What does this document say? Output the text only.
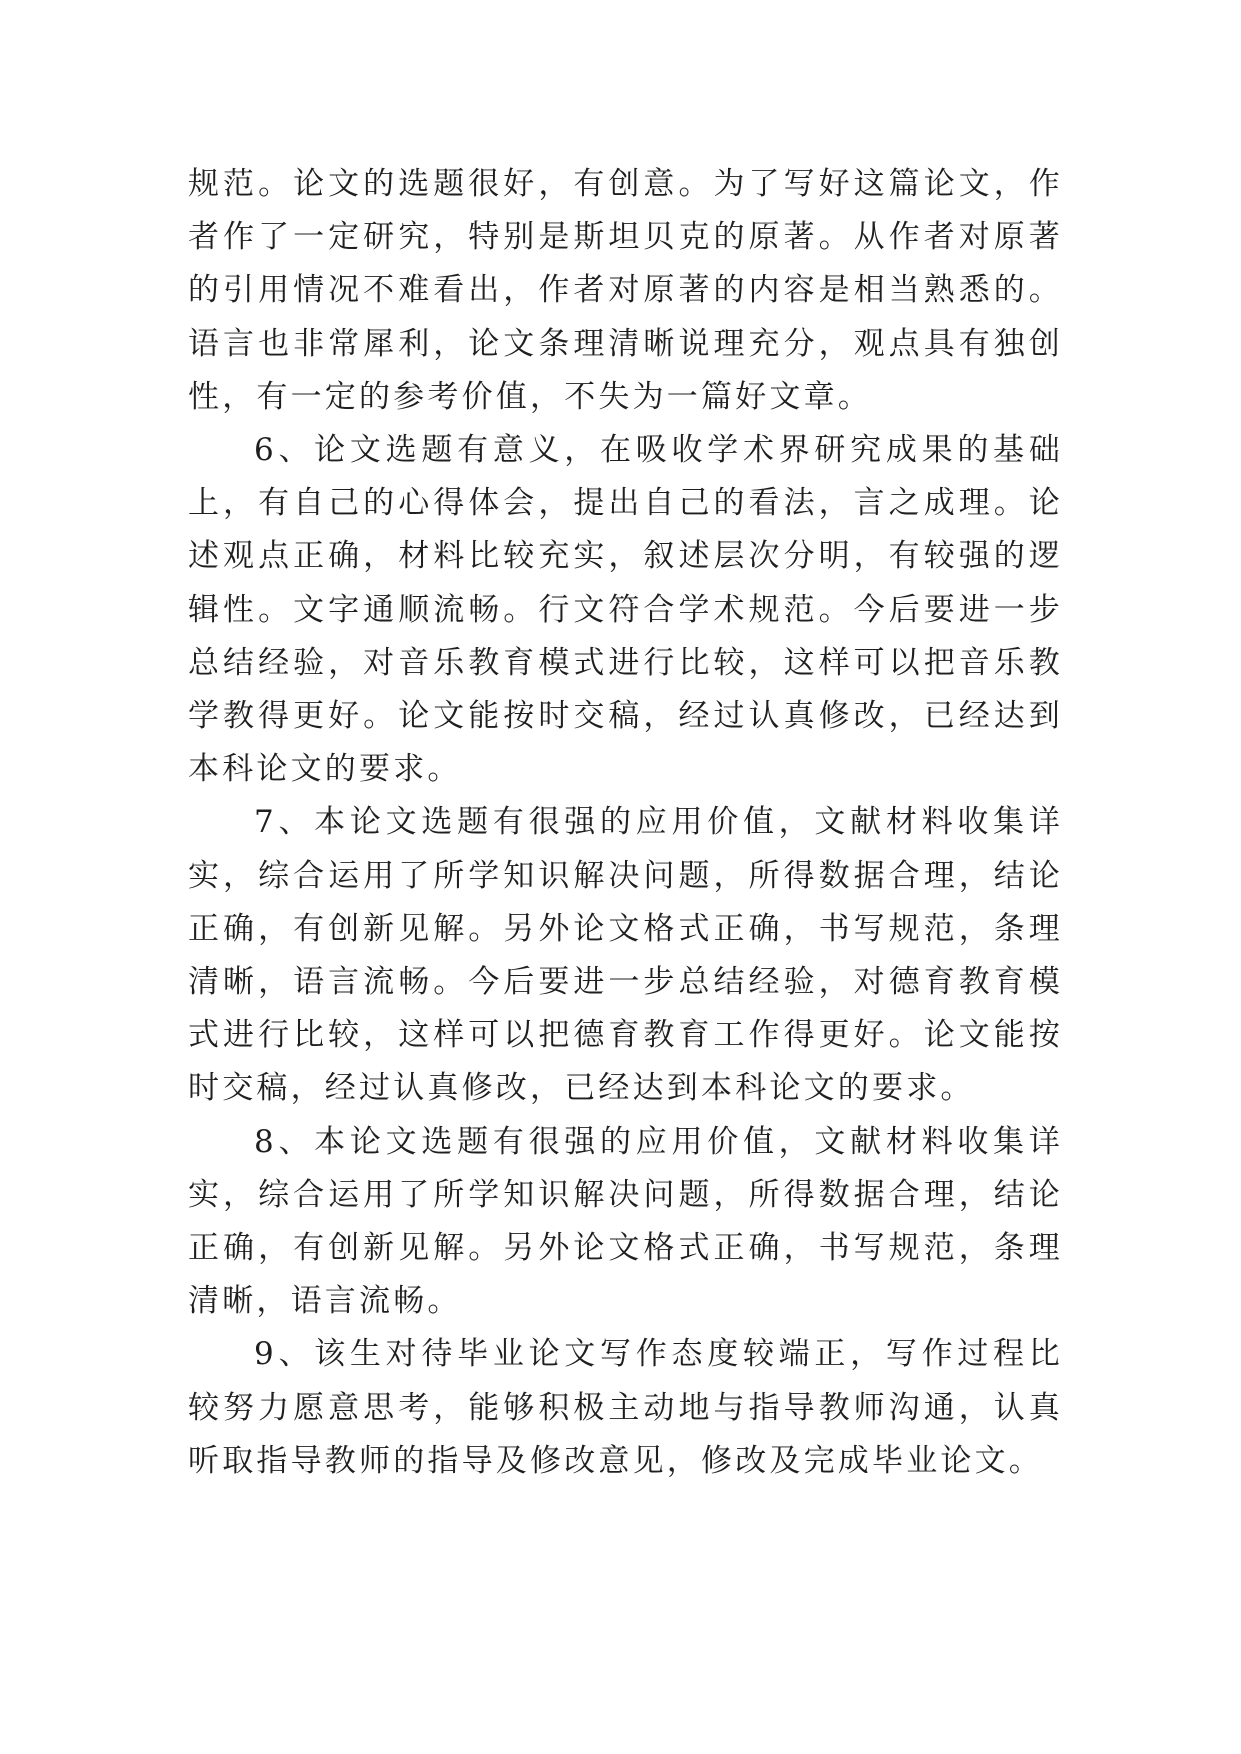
规范。论文的选题很好，有创意。为了写好这篇论文，作者作了一定研究，特别是斯坦贝克的原著。从作者对原著的引用情况不难看出，作者对原著的内容是相当熟悉的。语言也非常犀利，论文条理清晰说理充分，观点具有独创性，有一定的参考价值，不失为一篇好文章。

6、论文选题有意义，在吸收学术界研究成果的基础上，有自己的心得体会，提出自己的看法，言之成理。论述观点正确，材料比较充实，叙述层次分明，有较强的逻辑性。文字通顺流畅。行文符合学术规范。今后要进一步总结经验，对音乐教育模式进行比较，这样可以把音乐教学教得更好。论文能按时交稿，经过认真修改，已经达到本科论文的要求。

7、本论文选题有很强的应用价值，文献材料收集详实，综合运用了所学知识解决问题，所得数据合理，结论正确，有创新见解。另外论文格式正确，书写规范，条理清晰，语言流畅。今后要进一步总结经验，对德育教育模式进行比较，这样可以把德育教育工作得更好。论文能按时交稿，经过认真修改，已经达到本科论文的要求。

8、本论文选题有很强的应用价值，文献材料收集详实，综合运用了所学知识解决问题，所得数据合理，结论正确，有创新见解。另外论文格式正确，书写规范，条理清晰，语言流畅。

9、该生对待毕业论文写作态度较端正，写作过程比较努力愿意思考，能够积极主动地与指导教师沟通，认真听取指导教师的指导及修改意见，修改及完成毕业论文。
